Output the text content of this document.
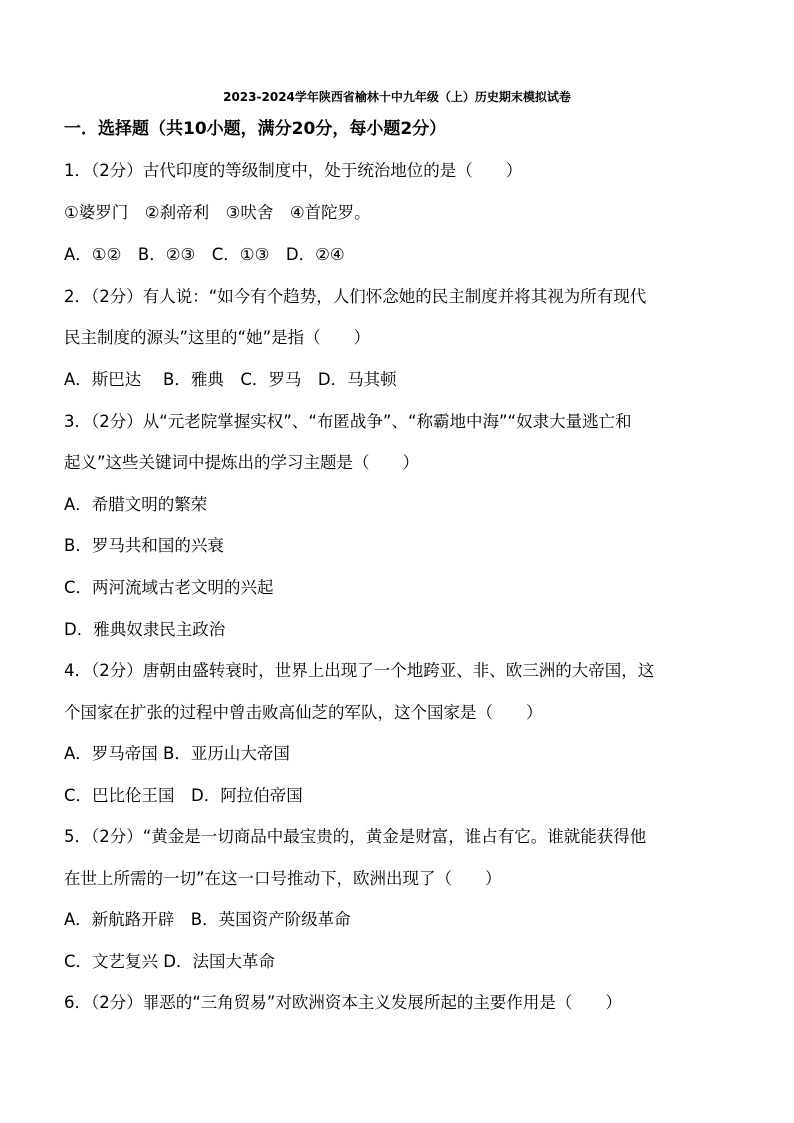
2023-2024学年陕西省榆林十中九年级（上）历史期末模拟试卷
一．选择题（共10小题，满分20分，每小题2分）
1．（2分）古代印度的等级制度中，处于统治地位的是（　　）
①婆罗门　②刹帝利　③吠舍　④首陀罗。
A．①②　B．②③　C．①③　D．②④
2．（2分）有人说：“如今有个趋势，人们怀念她的民主制度并将其视为所有现代
民主制度的源头”这里的“她”是指（　　）
A．斯巴达　 B．雅典　C．罗马　D．马其顿
3．（2分）从“元老院掌握实权”、“布匿战争”、“称霸地中海”“奴隶大量逃亡和
起义”这些关键词中提炼出的学习主题是（　　）
A．希腊文明的繁荣
B．罗马共和国的兴衰
C．两河流域古老文明的兴起
D．雅典奴隶民主政治
4．（2分）唐朝由盛转衰时，世界上出现了一个地跨亚、非、欧三洲的大帝国，这
个国家在扩张的过程中曾击败高仙芝的军队，这个国家是（　　）
A．罗马帝国 B．亚历山大帝国
C．巴比伦王国　D．阿拉伯帝国
5．（2分）“黄金是一切商品中最宝贵的，黄金是财富，谁占有它。谁就能获得他
在世上所需的一切”在这一口号推动下，欧洲出现了（　　）
A．新航路开辟　B．英国资产阶级革命
C．文艺复兴 D．法国大革命
6．（2分）罪恶的“三角贸易”对欧洲资本主义发展所起的主要作用是（　　）
